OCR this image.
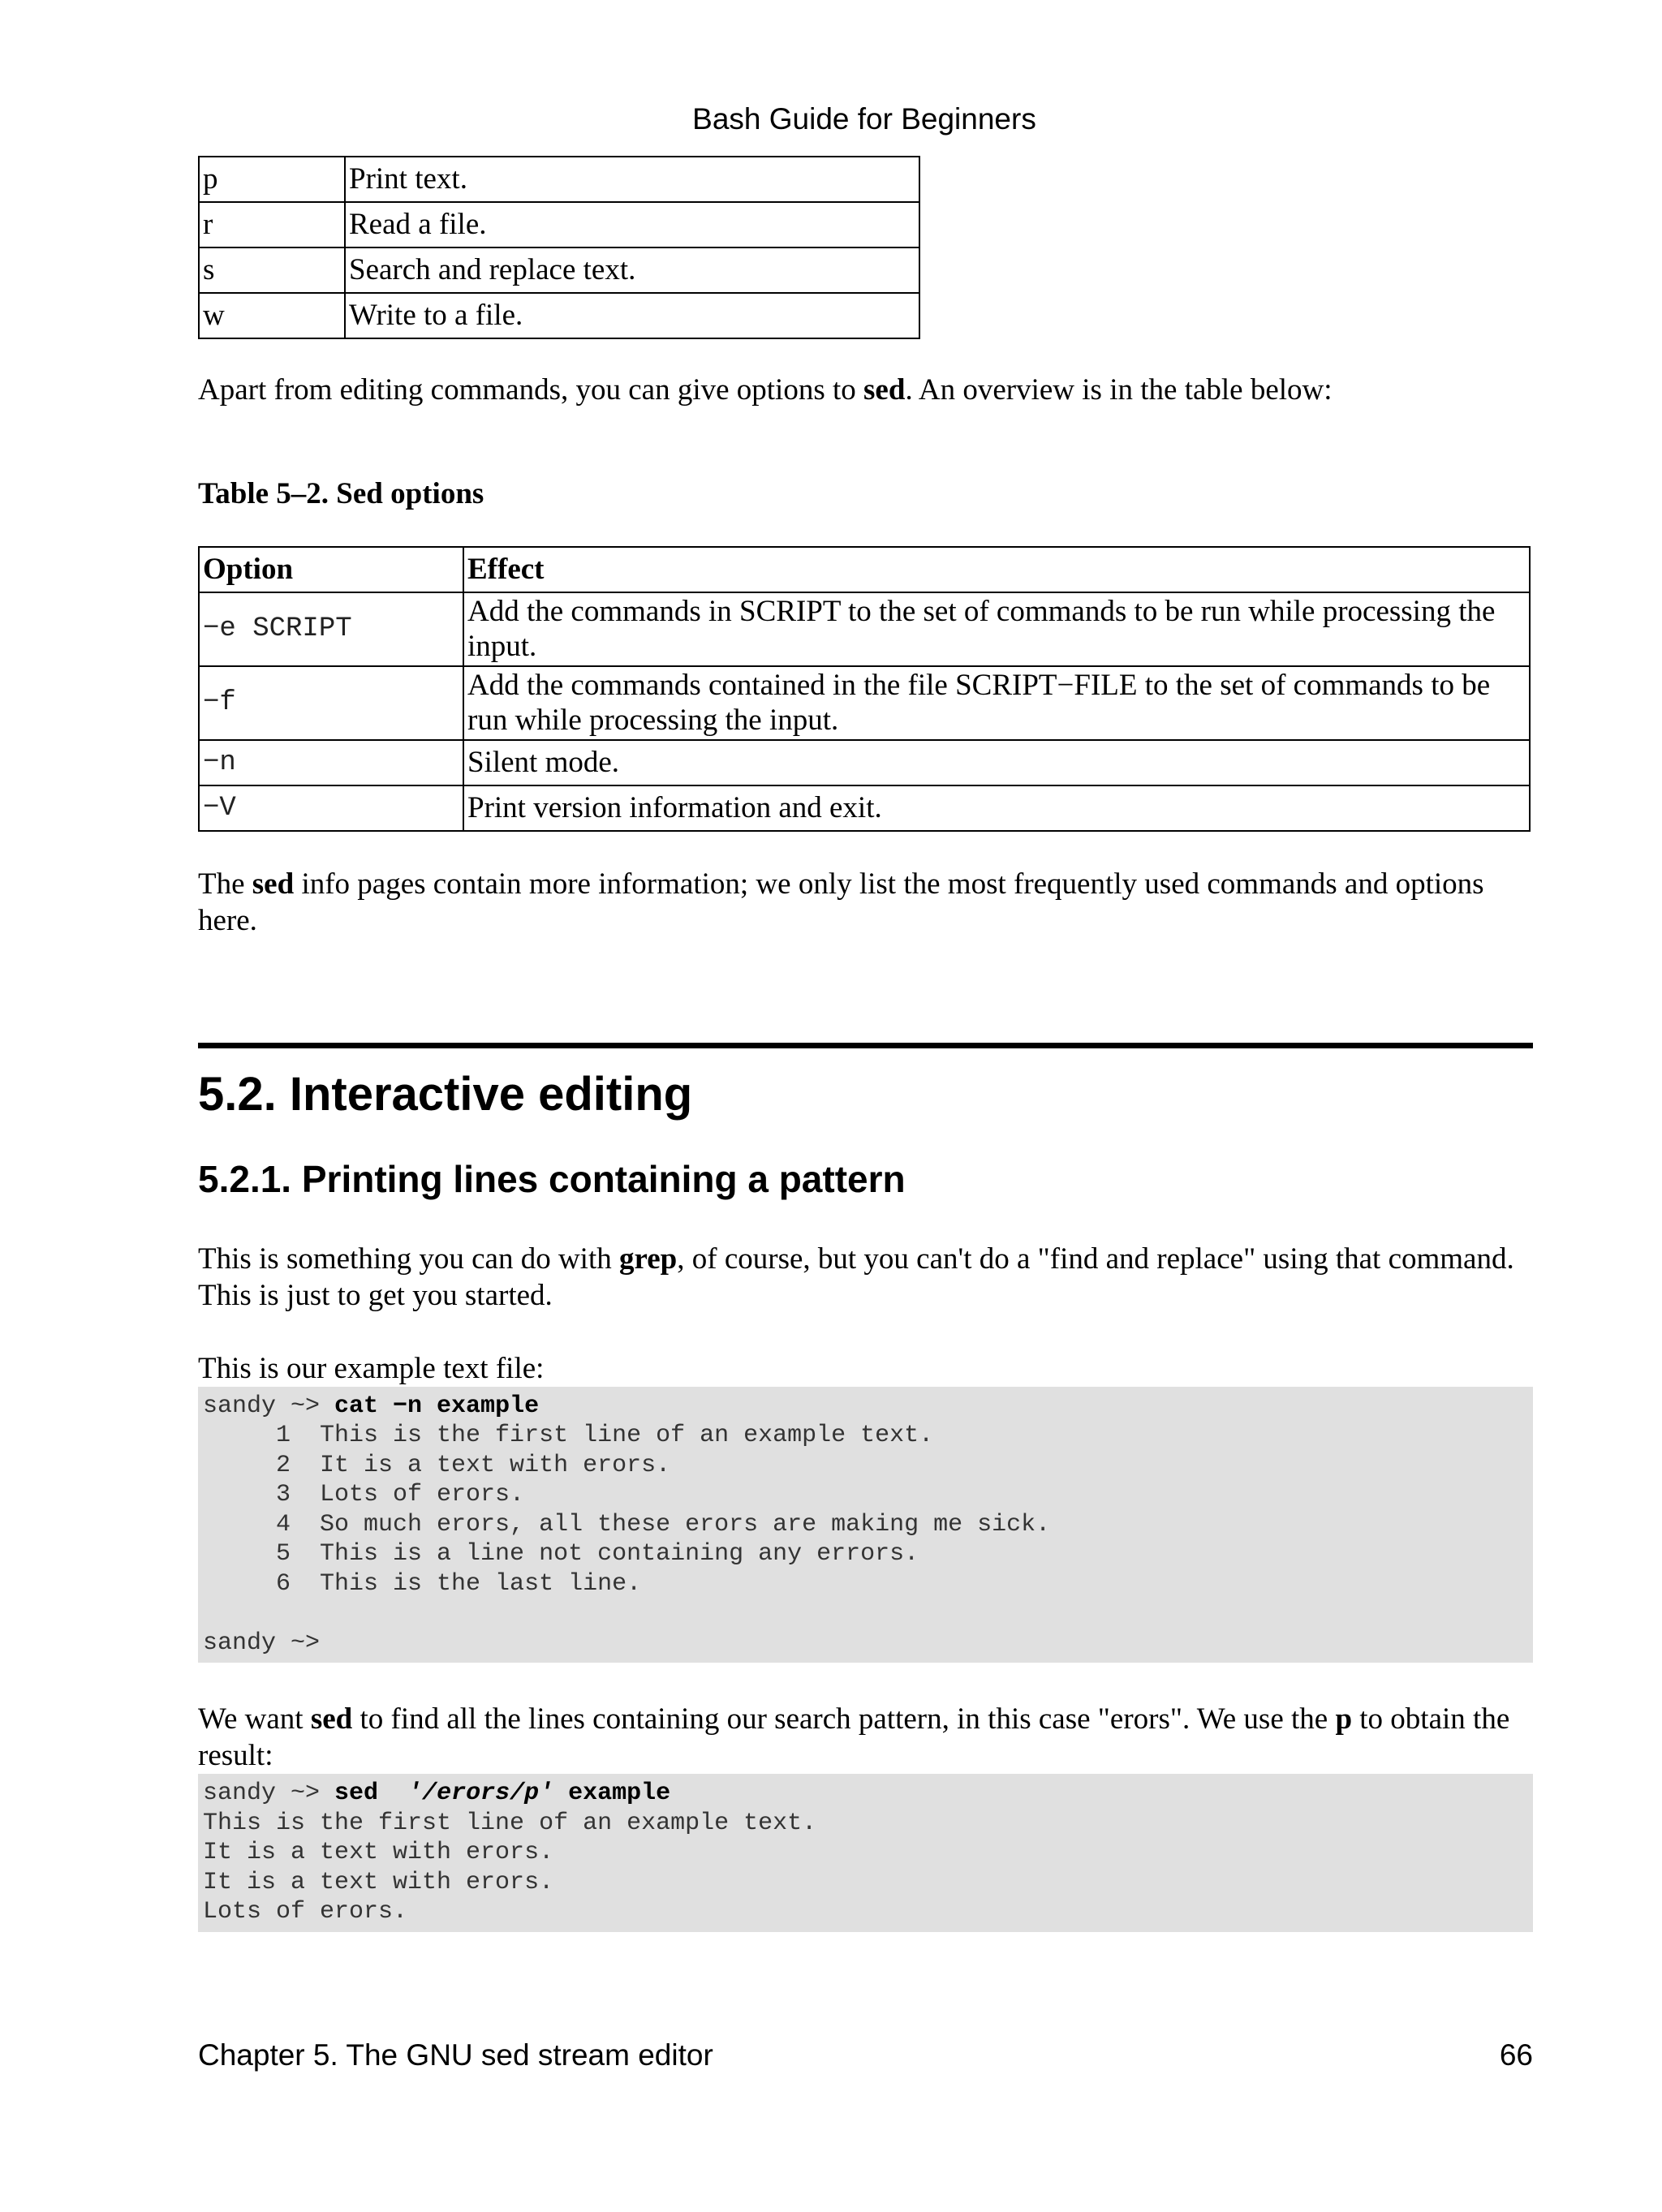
Bash Guide for Beginners
p	Print text.
r	Read a file.
s	Search and replace text.
w	Write to a file.

Apart from editing commands, you can give options to sed. An overview is in the table below:

Table 5–2. Sed options
Option	Effect
−e SCRIPT	Add the commands in SCRIPT to the set of commands to be run while processing the input.
−f	Add the commands contained in the file SCRIPT−FILE to the set of commands to be run while processing the input.
−n	Silent mode.
−V	Print version information and exit.

The sed info pages contain more information; we only list the most frequently used commands and options here.

5.2. Interactive editing
5.2.1. Printing lines containing a pattern

This is something you can do with grep, of course, but you can't do a "find and replace" using that command. This is just to get you started.

This is our example text file:

sandy ~> cat −n example
1  This is the first line of an example text.
2  It is a text with erors.
3  Lots of erors.
4  So much erors, all these erors are making me sick.
5  This is a line not containing any errors.
6  This is the last line.

sandy ~>

We want sed to find all the lines containing our search pattern, in this case "erors". We use the p to obtain the result:

sandy ~> sed '/erors/p' example
This is the first line of an example text.
It is a text with erors.
It is a text with erors.
Lots of erors.
Chapter 5. The GNU sed stream editor	66
